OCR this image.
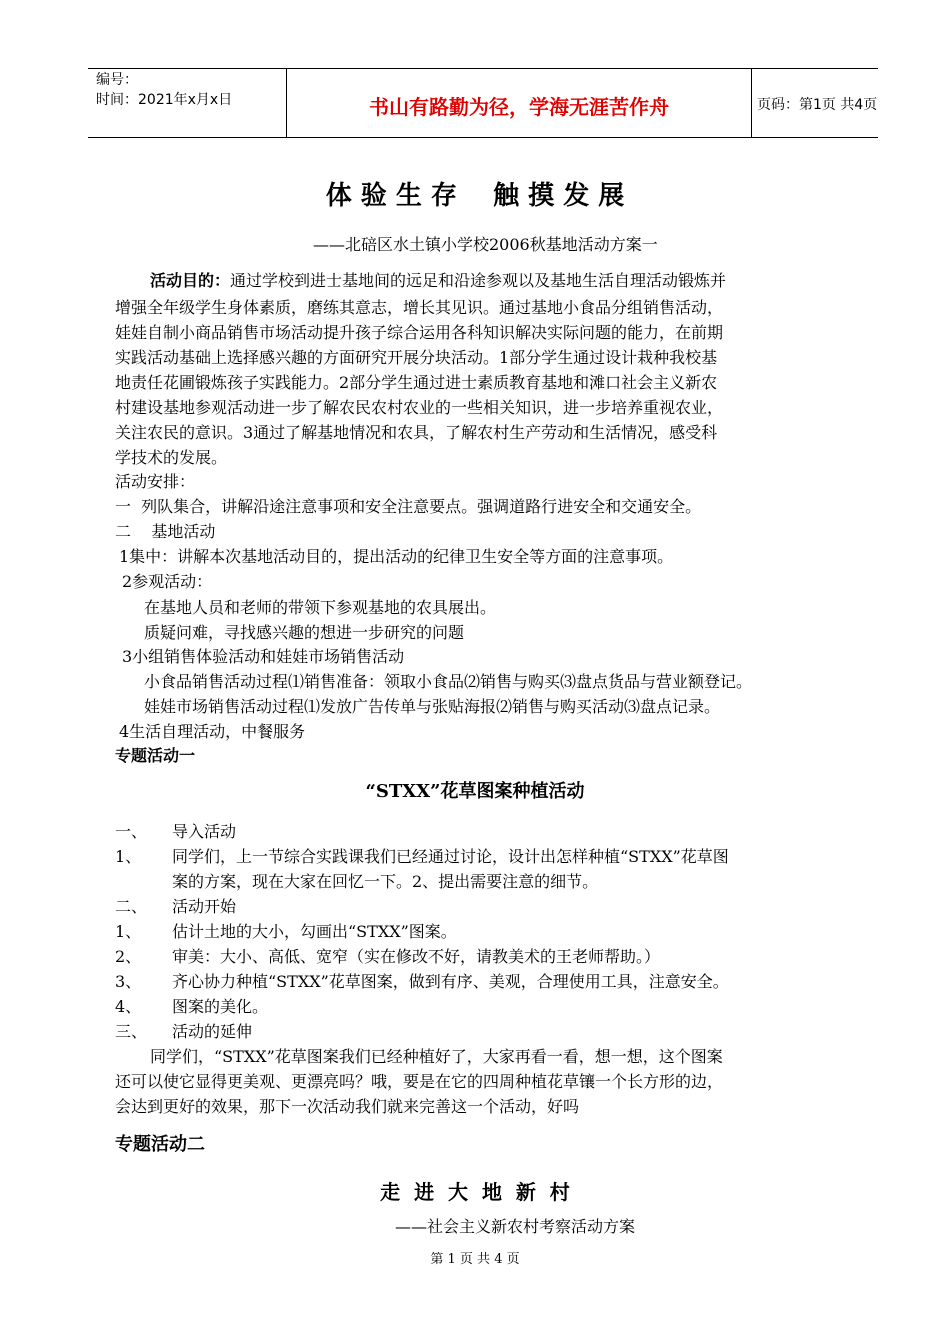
编号：
时间：2021年x月x日	书山有路勤为径，学海无涯苦作舟	页码：第1页 共4页
体 验 生 存    触 摸 发 展
——北碚区水土镇小学校2006秋基地活动方案一
活动目的：通过学校到进士基地间的远足和沿途参观以及基地生活自理活动锻炼并
增强全年级学生身体素质，磨练其意志，增长其见识。通过基地小食品分组销售活动，
娃娃自制小商品销售市场活动提升孩子综合运用各科知识解决实际问题的能力，在前期
实践活动基础上选择感兴趣的方面研究开展分块活动。1部分学生通过设计栽种我校基
地责任花圃锻炼孩子实践能力。2部分学生通过进士素质教育基地和滩口社会主义新农
村建设基地参观活动进一步了解农民农村农业的一些相关知识，进一步培养重视农业，
关注农民的意识。3通过了解基地情况和农具，了解农村生产劳动和生活情况，感受科
学技术的发展。
活动安排：
一  列队集合，讲解沿途注意事项和安全注意要点。强调道路行进安全和交通安全。
二    基地活动
1集中：讲解本次基地活动目的，提出活动的纪律卫生安全等方面的注意事项。
2参观活动：
在基地人员和老师的带领下参观基地的农具展出。
质疑问难，寻找感兴趣的想进一步研究的问题
3小组销售体验活动和娃娃市场销售活动
小食品销售活动过程⑴销售准备：领取小食品⑵销售与购买⑶盘点货品与营业额登记。
娃娃市场销售活动过程⑴发放广告传单与张贴海报⑵销售与购买活动⑶盘点记录。
4生活自理活动，中餐服务
专题活动一
“STXX”花草图案种植活动
一、 导入活动
1、 同学们，上一节综合实践课我们已经通过讨论，设计出怎样种植“STXX”花草图
案的方案，现在大家在回忆一下。2、提出需要注意的细节。
二、 活动开始
1、 估计土地的大小，勾画出“STXX”图案。
2、 审美：大小、高低、宽窄（实在修改不好，请教美术的王老师帮助。）
3、 齐心协力种植“STXX”花草图案，做到有序、美观，合理使用工具，注意安全。
4、 图案的美化。
三、 活动的延伸
同学们，“STXX”花草图案我们已经种植好了，大家再看一看，想一想，这个图案
还可以使它显得更美观、更漂亮吗？哦，要是在它的四周种植花草镶一个长方形的边，
会达到更好的效果，那下一次活动我们就来完善这一个活动，好吗
专题活动二
走  进  大  地  新  村
——社会主义新农村考察活动方案
第 1 页 共 4 页
